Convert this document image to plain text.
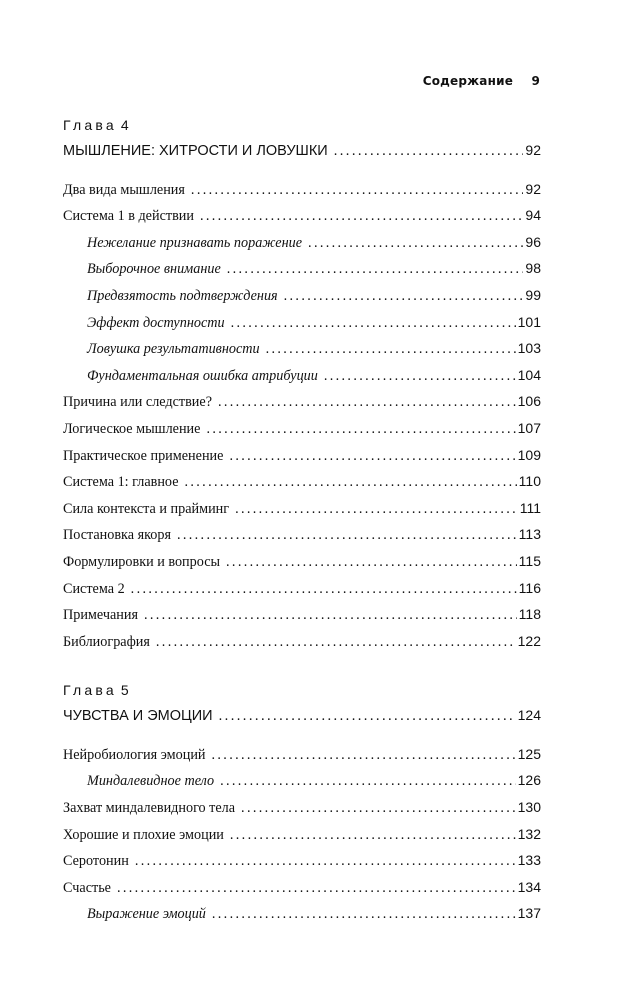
Содержание 9
Глава 4
МЫШЛЕНИЕ: ХИТРОСТИ И ЛОВУШКИ . . .	92
Два вида мышления . . .	92
Система 1 в действии . . .	94
Нежелание признавать поражение . . .	96
Выборочное внимание . . .	98
Предвзятость подтверждения . . .	99
Эффект доступности . . .	101
Ловушка результативности . . .	103
Фундаментальная ошибка атрибуции . . .	104
Причина или следствие? . . .	106
Логическое мышление . . .	107
Практическое применение . . .	109
Система 1: главное . . .	110
Сила контекста и прайминг . . .	111
Постановка якоря . . .	113
Формулировки и вопросы . . .	115
Система 2 . . .	116
Примечания . . .	118
Библиография . . .	122
Глава 5
ЧУВСТВА И ЭМОЦИИ . . .	124
Нейробиология эмоций . . .	125
Миндалевидное тело . . .	126
Захват миндалевидного тела . . .	130
Хорошие и плохие эмоции . . .	132
Серотонин . . .	133
Счастье . . .	134
Выражение эмоций . . .	137
